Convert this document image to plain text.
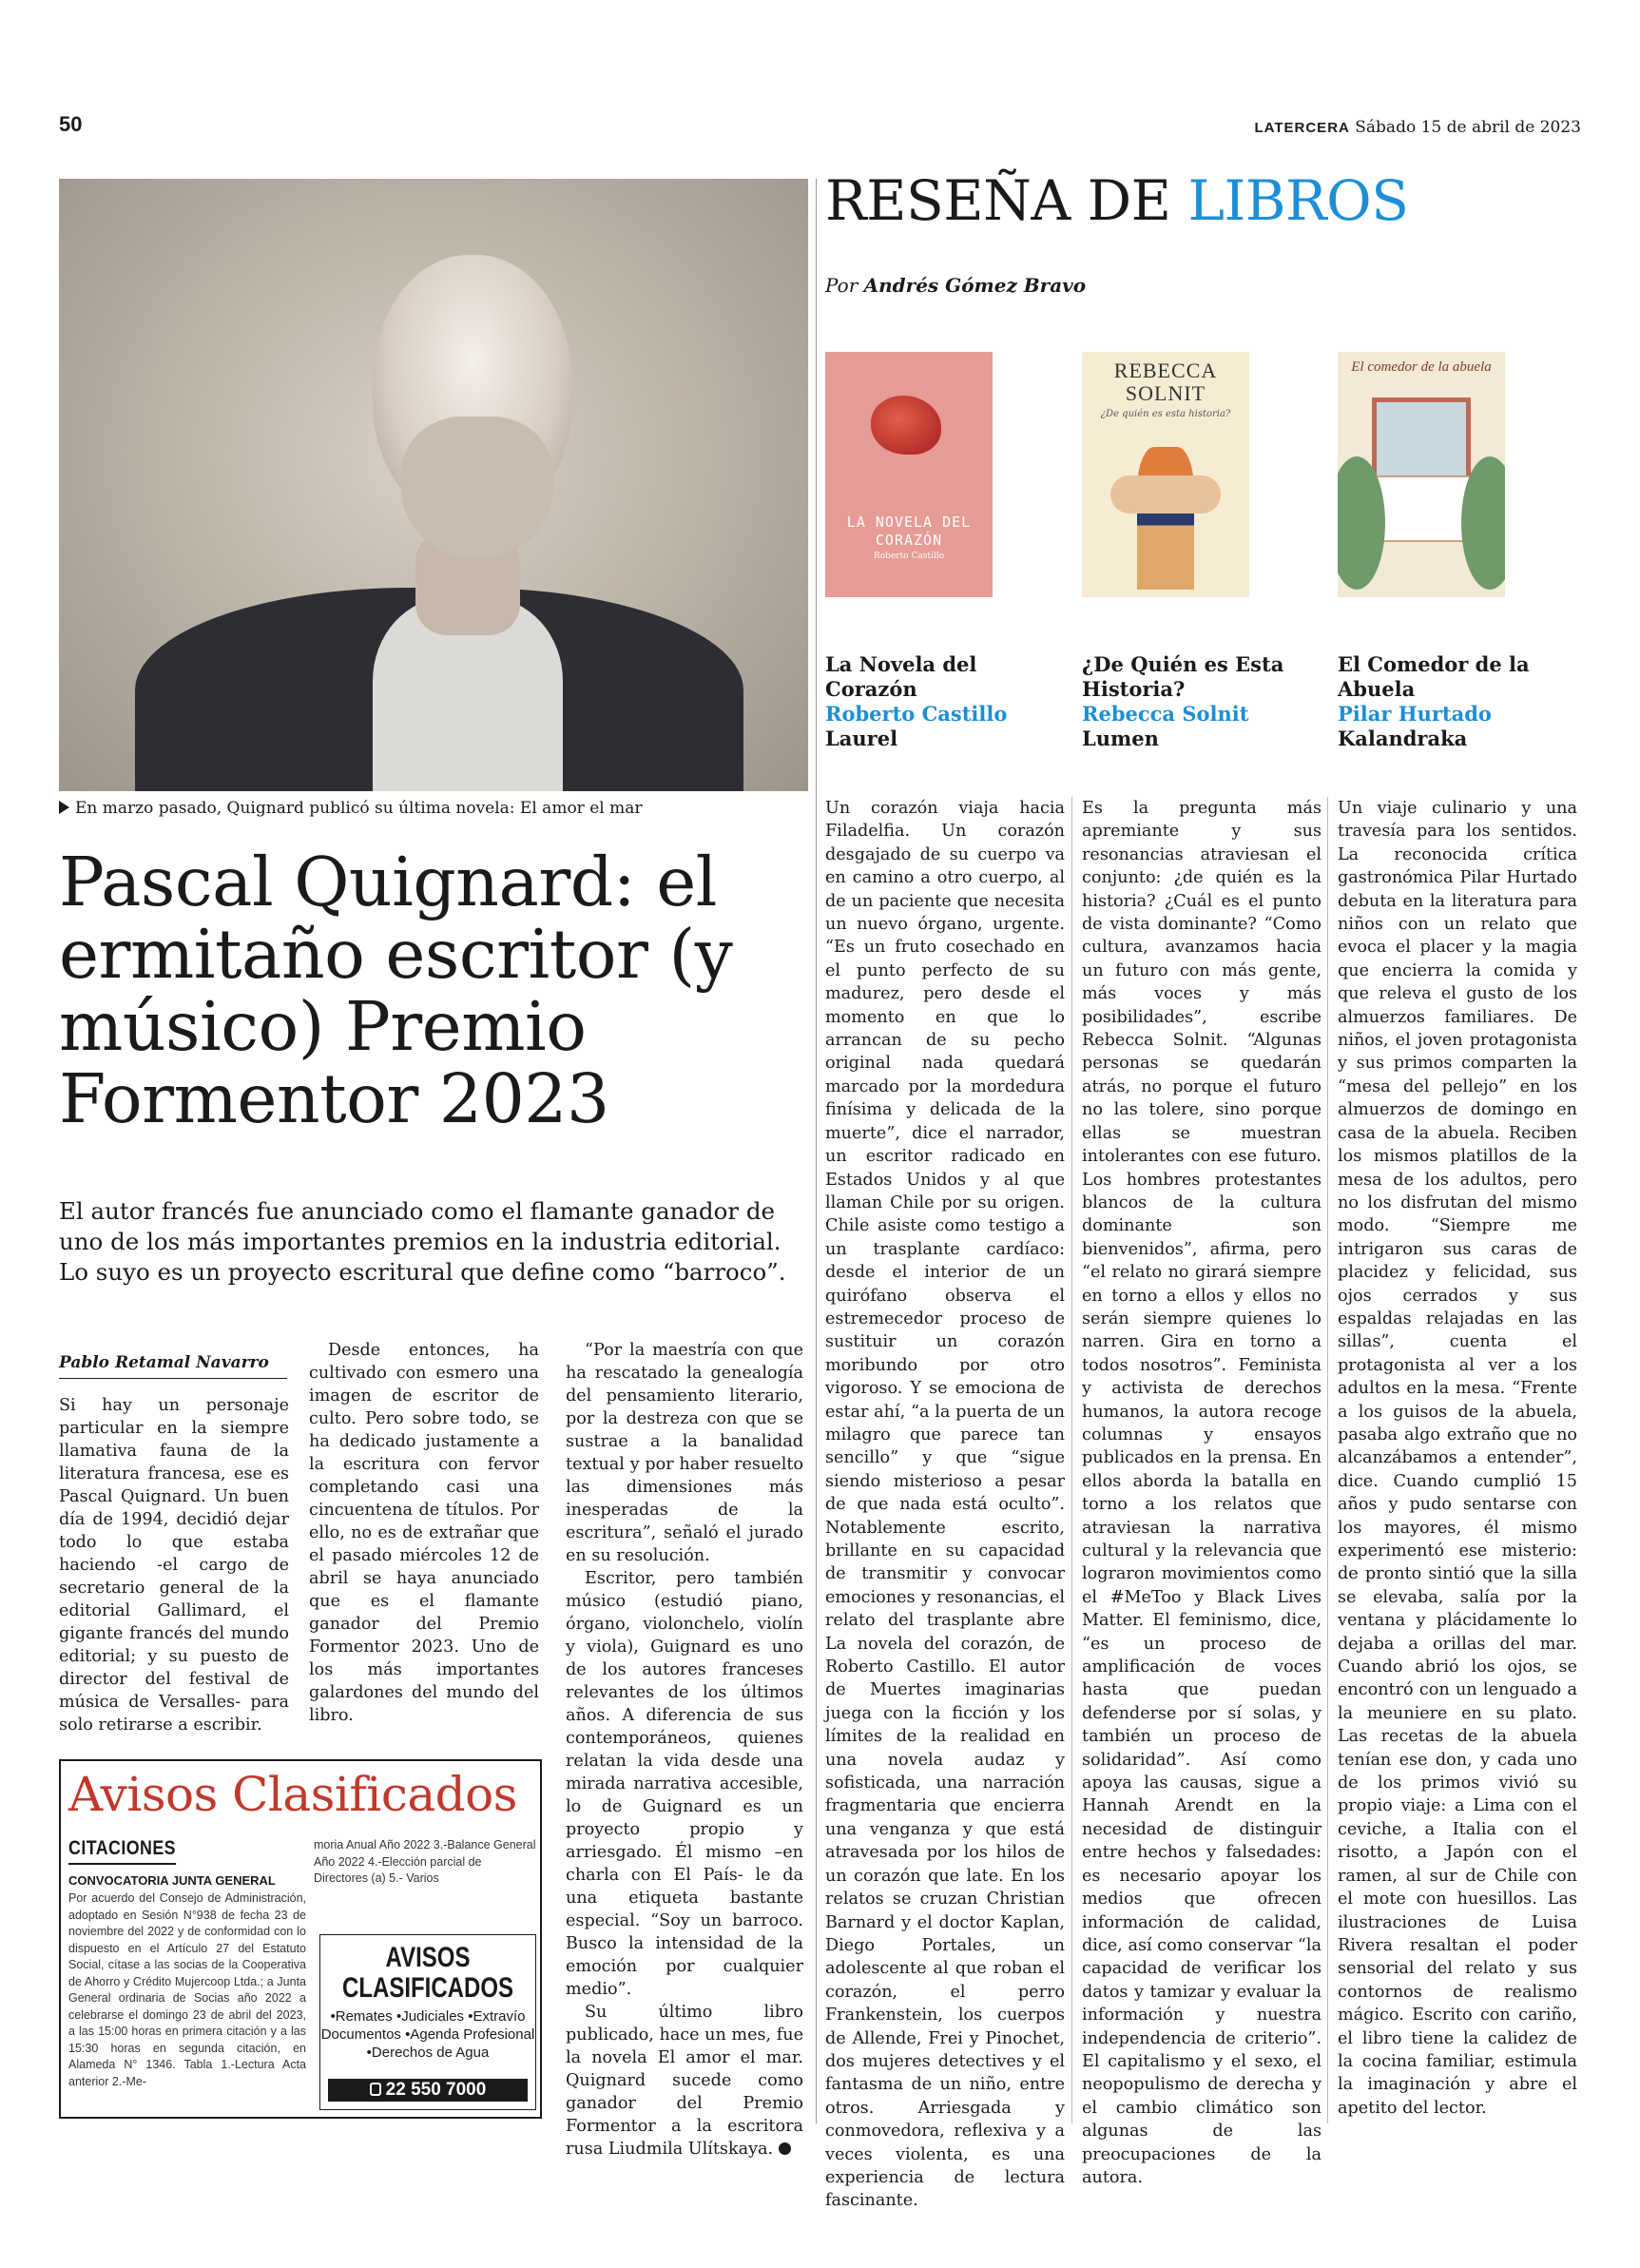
50	LATERCERA Sábado 15 de abril de 2023
En marzo pasado, Quignard publicó su última novela: El amor el mar
Pascal Quignard: el ermitaño escritor (y músico) Premio Formentor 2023
El autor francés fue anunciado como el flamante ganador de uno de los más importantes premios en la industria editorial. Lo suyo es un proyecto escritural que define como “barroco”.
Pablo Retamal Navarro
Si hay un personaje particular en la siempre llamativa fauna de la literatura francesa, ese es Pascal Quignard. Un buen día de 1994, decidió dejar todo lo que estaba haciendo -el cargo de secretario general de la editorial Gallimard, el gigante francés del mundo editorial; y su puesto de director del festival de música de Versalles- para solo retirarse a escribir.
Desde entonces, ha cultivado con esmero una imagen de escritor de culto. Pero sobre todo, se ha dedicado justamente a la escritura con fervor completando casi una cincuentena de títulos. Por ello, no es de extrañar que el pasado miércoles 12 de abril se haya anunciado que es el flamante ganador del Premio Formentor 2023. Uno de los más importantes galardones del mundo del libro.

“Por la maestría con que ha rescatado la genealogía del pensamiento literario, por la destreza con que se sustrae a la banalidad textual y por haber resuelto las dimensiones más inesperadas de la escritura”, señaló el jurado en su resolución.

Escritor, pero también músico (estudió piano, órgano, violonchelo, violín y viola), Guignard es uno de los autores franceses relevantes de los últimos años. A diferencia de sus contemporáneos, quienes relatan la vida desde una mirada narrativa accesible, lo de Guignard es un proyecto propio y arriesgado. Él mismo –en charla con El País- le da una etiqueta bastante especial. “Soy un barroco. Busco la intensidad de la emoción por cualquier medio”.

Su último libro publicado, hace un mes, fue la novela El amor el mar. Quignard sucede como ganador del Premio Formentor a la escritora rusa Liudmila Ulítskaya.

Avisos Clasificados
CITACIONES
CONVOCATORIA JUNTA GENERAL
Por acuerdo del Consejo de Administración, adoptado en Sesión N°938 de fecha 23 de noviembre del 2022 y de conformidad con lo dispuesto en el Artículo 27 del Estatuto Social, cítase a las socias de la Cooperativa de Ahorro y Crédito Mujercoop Ltda.; a Junta General ordinaria de Socias año 2022 a celebrarse el domingo 23 de abril del 2023, a las 15:00 horas en primera citación y a las 15:30 horas en segunda citación, en Alameda N° 1346. Tabla 1.-Lectura Acta anterior 2.-Me-
moria Anual Año 2022 3.-Balance General Año 2022 4.-Elección parcial de Directores (a) 5.- Varios
AVISOS CLASIFICADOS
•Remates •Judiciales •Extravío Documentos •Agenda Profesional •Derechos de Agua
22 550 7000
RESEÑA DE LIBROS
Por Andrés Gómez Bravo
LA NOVELA DEL CORAZÓN
Roberto Castillo
La Novela del Corazón
Roberto Castillo
Laurel
REBECCA SOLNIT
¿De quién es esta historia?
¿De Quién es Esta Historia?
Rebecca Solnit
Lumen
El comedor de la abuela
El Comedor de la Abuela
Pilar Hurtado
Kalandraka
Un corazón viaja hacia Filadelfia. Un corazón desgajado de su cuerpo va en camino a otro cuerpo, al de un paciente que necesita un nuevo órgano, urgente. “Es un fruto cosechado en el punto perfecto de su madurez, pero desde el momento en que lo arrancan de su pecho original nada quedará marcado por la mordedura finísima y delicada de la muerte”, dice el narrador, un escritor radicado en Estados Unidos y al que llaman Chile por su origen. Chile asiste como testigo a un trasplante cardíaco: desde el interior de un quirófano observa el estremecedor proceso de sustituir un corazón moribundo por otro vigoroso. Y se emociona de estar ahí, “a la puerta de un milagro que parece tan sencillo” y que “sigue siendo misterioso a pesar de que nada está oculto”. Notablemente escrito, brillante en su capacidad de transmitir y convocar emociones y resonancias, el relato del trasplante abre La novela del corazón, de Roberto Castillo. El autor de Muertes imaginarias juega con la ficción y los límites de la realidad en una novela audaz y sofisticada, una narración fragmentaria que encierra una venganza y que está atravesada por los hilos de un corazón que late. En los relatos se cruzan Christian Barnard y el doctor Kaplan, Diego Portales, un adolescente al que roban el corazón, el perro Frankenstein, los cuerpos de Allende, Frei y Pinochet, dos mujeres detectives y el fantasma de un niño, entre otros. Arriesgada y conmovedora, reflexiva y a veces violenta, es una experiencia de lectura fascinante.
Es la pregunta más apremiante y sus resonancias atraviesan el conjunto: ¿de quién es la historia? ¿Cuál es el punto de vista dominante? “Como cultura, avanzamos hacia un futuro con más gente, más voces y más posibilidades”, escribe Rebecca Solnit. “Algunas personas se quedarán atrás, no porque el futuro no las tolere, sino porque ellas se muestran intolerantes con ese futuro. Los hombres protestantes blancos de la cultura dominante son bienvenidos”, afirma, pero “el relato no girará siempre en torno a ellos y ellos no serán siempre quienes lo narren. Gira en torno a todos nosotros”. Feminista y activista de derechos humanos, la autora recoge columnas y ensayos publicados en la prensa. En ellos aborda la batalla en torno a los relatos que atraviesan la narrativa cultural y la relevancia que lograron movimientos como el #MeToo y Black Lives Matter. El feminismo, dice, “es un proceso de amplificación de voces hasta que puedan defenderse por sí solas, y también un proceso de solidaridad”. Así como apoya las causas, sigue a Hannah Arendt en la necesidad de distinguir entre hechos y falsedades: es necesario apoyar los medios que ofrecen información de calidad, dice, así como conservar “la capacidad de verificar los datos y tamizar y evaluar la información y nuestra independencia de criterio”. El capitalismo y el sexo, el neopopulismo de derecha y el cambio climático son algunas de las preocupaciones de la autora.
Un viaje culinario y una travesía para los sentidos. La reconocida crítica gastronómica Pilar Hurtado debuta en la literatura para niños con un relato que evoca el placer y la magia que encierra la comida y que releva el gusto de los almuerzos familiares. De niños, el joven protagonista y sus primos comparten la “mesa del pellejo” en los almuerzos de domingo en casa de la abuela. Reciben los mismos platillos de la mesa de los adultos, pero no los disfrutan del mismo modo. “Siempre me intrigaron sus caras de placidez y felicidad, sus ojos cerrados y sus espaldas relajadas en las sillas”, cuenta el protagonista al ver a los adultos en la mesa. “Frente a los guisos de la abuela, pasaba algo extraño que no alcanzábamos a entender”, dice. Cuando cumplió 15 años y pudo sentarse con los mayores, él mismo experimentó ese misterio: de pronto sintió que la silla se elevaba, salía por la ventana y plácidamente lo dejaba a orillas del mar. Cuando abrió los ojos, se encontró con un lenguado a la meuniere en su plato. Las recetas de la abuela tenían ese don, y cada uno de los primos vivió su propio viaje: a Lima con el ceviche, a Italia con el risotto, a Japón con el ramen, al sur de Chile con el mote con huesillos. Las ilustraciones de Luisa Rivera resaltan el poder sensorial del relato y sus contornos de realismo mágico. Escrito con cariño, el libro tiene la calidez de la cocina familiar, estimula la imaginación y abre el apetito del lector.
